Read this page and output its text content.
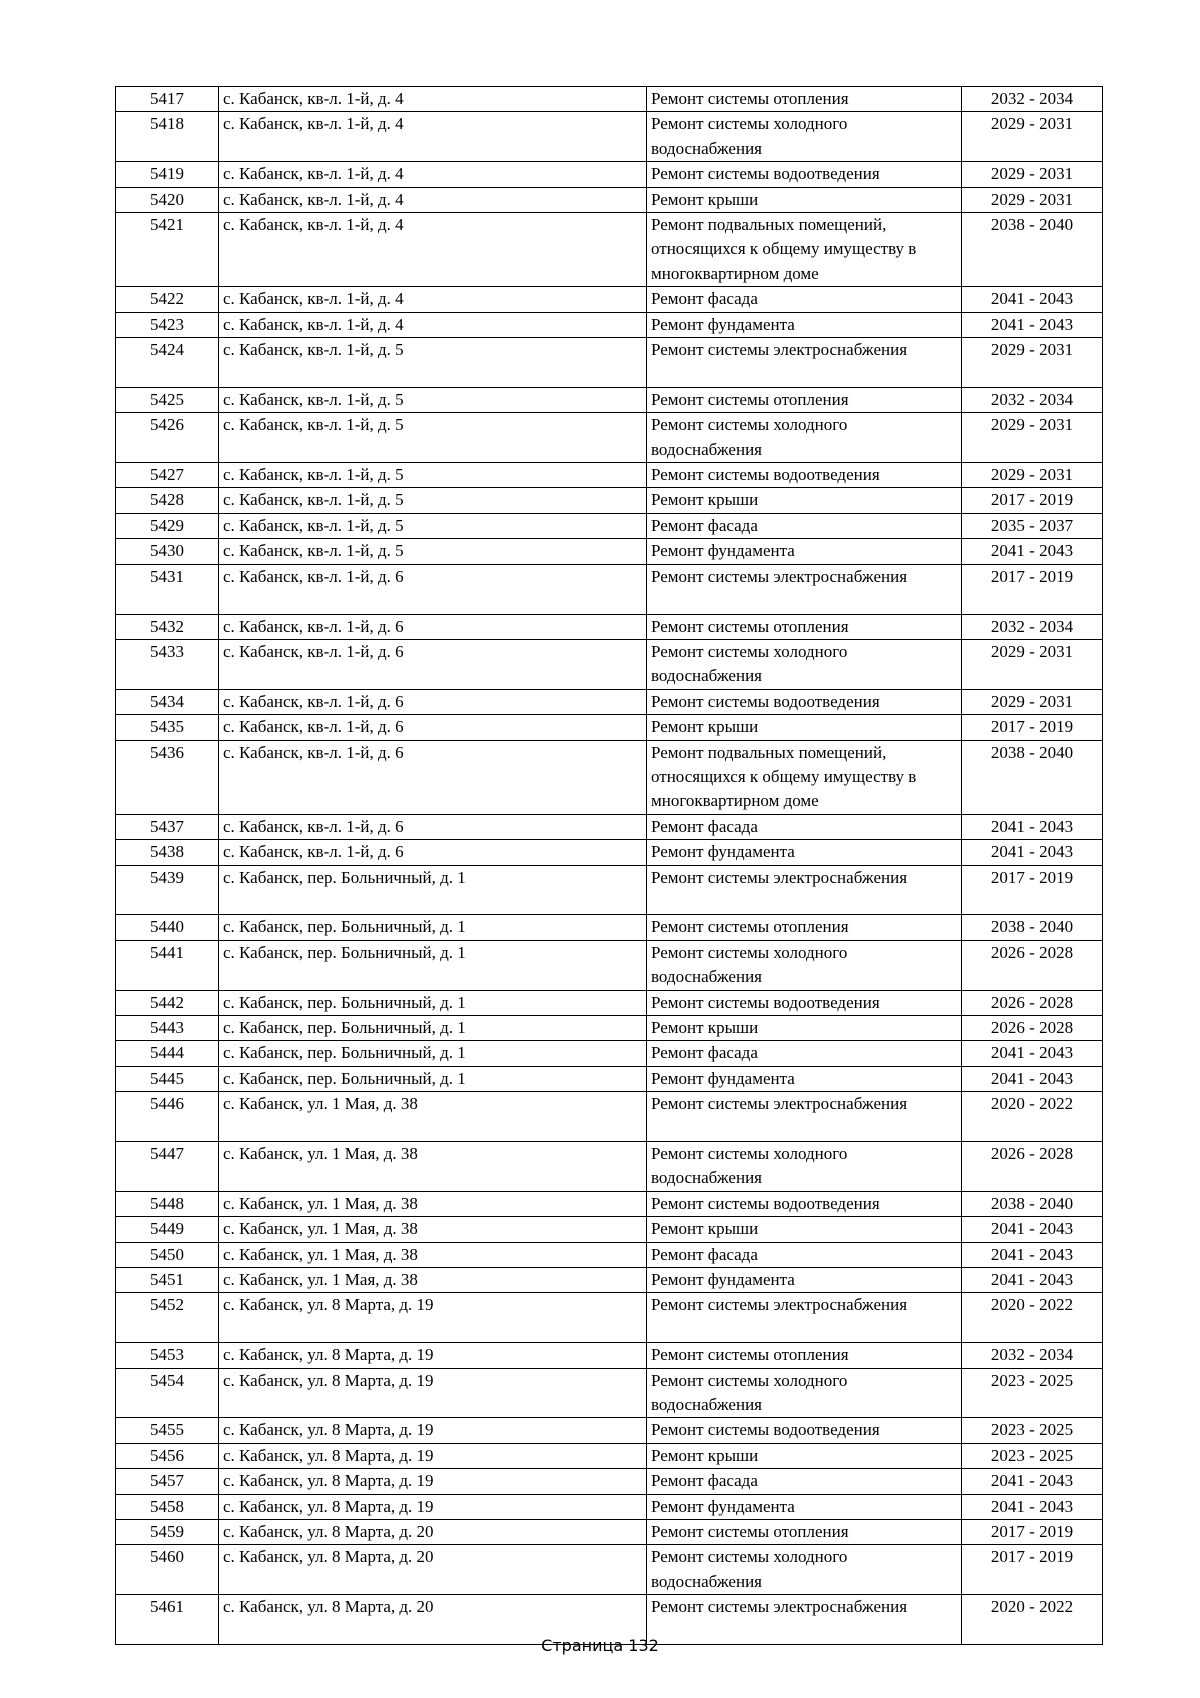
5417	с. Кабанск, кв-л. 1-й, д. 4	Ремонт системы отопления	2032 - 2034
5418	с. Кабанск, кв-л. 1-й, д. 4	Ремонт системы холодного водоснабжения	2029 - 2031
5419	с. Кабанск, кв-л. 1-й, д. 4	Ремонт системы водоотведения	2029 - 2031
5420	с. Кабанск, кв-л. 1-й, д. 4	Ремонт крыши	2029 - 2031
5421	с. Кабанск, кв-л. 1-й, д. 4	Ремонт подвальных помещений, относящихся к общему имуществу в многоквартирном доме	2038 - 2040
5422	с. Кабанск, кв-л. 1-й, д. 4	Ремонт фасада	2041 - 2043
5423	с. Кабанск, кв-л. 1-й, д. 4	Ремонт фундамента	2041 - 2043
5424	с. Кабанск, кв-л. 1-й, д. 5	Ремонт системы электроснабжения	2029 - 2031
5425	с. Кабанск, кв-л. 1-й, д. 5	Ремонт системы отопления	2032 - 2034
5426	с. Кабанск, кв-л. 1-й, д. 5	Ремонт системы холодного водоснабжения	2029 - 2031
5427	с. Кабанск, кв-л. 1-й, д. 5	Ремонт системы водоотведения	2029 - 2031
5428	с. Кабанск, кв-л. 1-й, д. 5	Ремонт крыши	2017 - 2019
5429	с. Кабанск, кв-л. 1-й, д. 5	Ремонт фасада	2035 - 2037
5430	с. Кабанск, кв-л. 1-й, д. 5	Ремонт фундамента	2041 - 2043
5431	с. Кабанск, кв-л. 1-й, д. 6	Ремонт системы электроснабжения	2017 - 2019
5432	с. Кабанск, кв-л. 1-й, д. 6	Ремонт системы отопления	2032 - 2034
5433	с. Кабанск, кв-л. 1-й, д. 6	Ремонт системы холодного водоснабжения	2029 - 2031
5434	с. Кабанск, кв-л. 1-й, д. 6	Ремонт системы водоотведения	2029 - 2031
5435	с. Кабанск, кв-л. 1-й, д. 6	Ремонт крыши	2017 - 2019
5436	с. Кабанск, кв-л. 1-й, д. 6	Ремонт подвальных помещений, относящихся к общему имуществу в многоквартирном доме	2038 - 2040
5437	с. Кабанск, кв-л. 1-й, д. 6	Ремонт фасада	2041 - 2043
5438	с. Кабанск, кв-л. 1-й, д. 6	Ремонт фундамента	2041 - 2043
5439	с. Кабанск, пер. Больничный, д. 1	Ремонт системы электроснабжения	2017 - 2019
5440	с. Кабанск, пер. Больничный, д. 1	Ремонт системы отопления	2038 - 2040
5441	с. Кабанск, пер. Больничный, д. 1	Ремонт системы холодного водоснабжения	2026 - 2028
5442	с. Кабанск, пер. Больничный, д. 1	Ремонт системы водоотведения	2026 - 2028
5443	с. Кабанск, пер. Больничный, д. 1	Ремонт крыши	2026 - 2028
5444	с. Кабанск, пер. Больничный, д. 1	Ремонт фасада	2041 - 2043
5445	с. Кабанск, пер. Больничный, д. 1	Ремонт фундамента	2041 - 2043
5446	с. Кабанск, ул. 1 Мая, д. 38	Ремонт системы электроснабжения	2020 - 2022
5447	с. Кабанск, ул. 1 Мая, д. 38	Ремонт системы холодного водоснабжения	2026 - 2028
5448	с. Кабанск, ул. 1 Мая, д. 38	Ремонт системы водоотведения	2038 - 2040
5449	с. Кабанск, ул. 1 Мая, д. 38	Ремонт крыши	2041 - 2043
5450	с. Кабанск, ул. 1 Мая, д. 38	Ремонт фасада	2041 - 2043
5451	с. Кабанск, ул. 1 Мая, д. 38	Ремонт фундамента	2041 - 2043
5452	с. Кабанск, ул. 8 Марта, д. 19	Ремонт системы электроснабжения	2020 - 2022
5453	с. Кабанск, ул. 8 Марта, д. 19	Ремонт системы отопления	2032 - 2034
5454	с. Кабанск, ул. 8 Марта, д. 19	Ремонт системы холодного водоснабжения	2023 - 2025
5455	с. Кабанск, ул. 8 Марта, д. 19	Ремонт системы водоотведения	2023 - 2025
5456	с. Кабанск, ул. 8 Марта, д. 19	Ремонт крыши	2023 - 2025
5457	с. Кабанск, ул. 8 Марта, д. 19	Ремонт фасада	2041 - 2043
5458	с. Кабанск, ул. 8 Марта, д. 19	Ремонт фундамента	2041 - 2043
5459	с. Кабанск, ул. 8 Марта, д. 20	Ремонт системы отопления	2017 - 2019
5460	с. Кабанск, ул. 8 Марта, д. 20	Ремонт системы холодного водоснабжения	2017 - 2019
5461	с. Кабанск, ул. 8 Марта, д. 20	Ремонт системы электроснабжения	2020 - 2022
Страница 132
